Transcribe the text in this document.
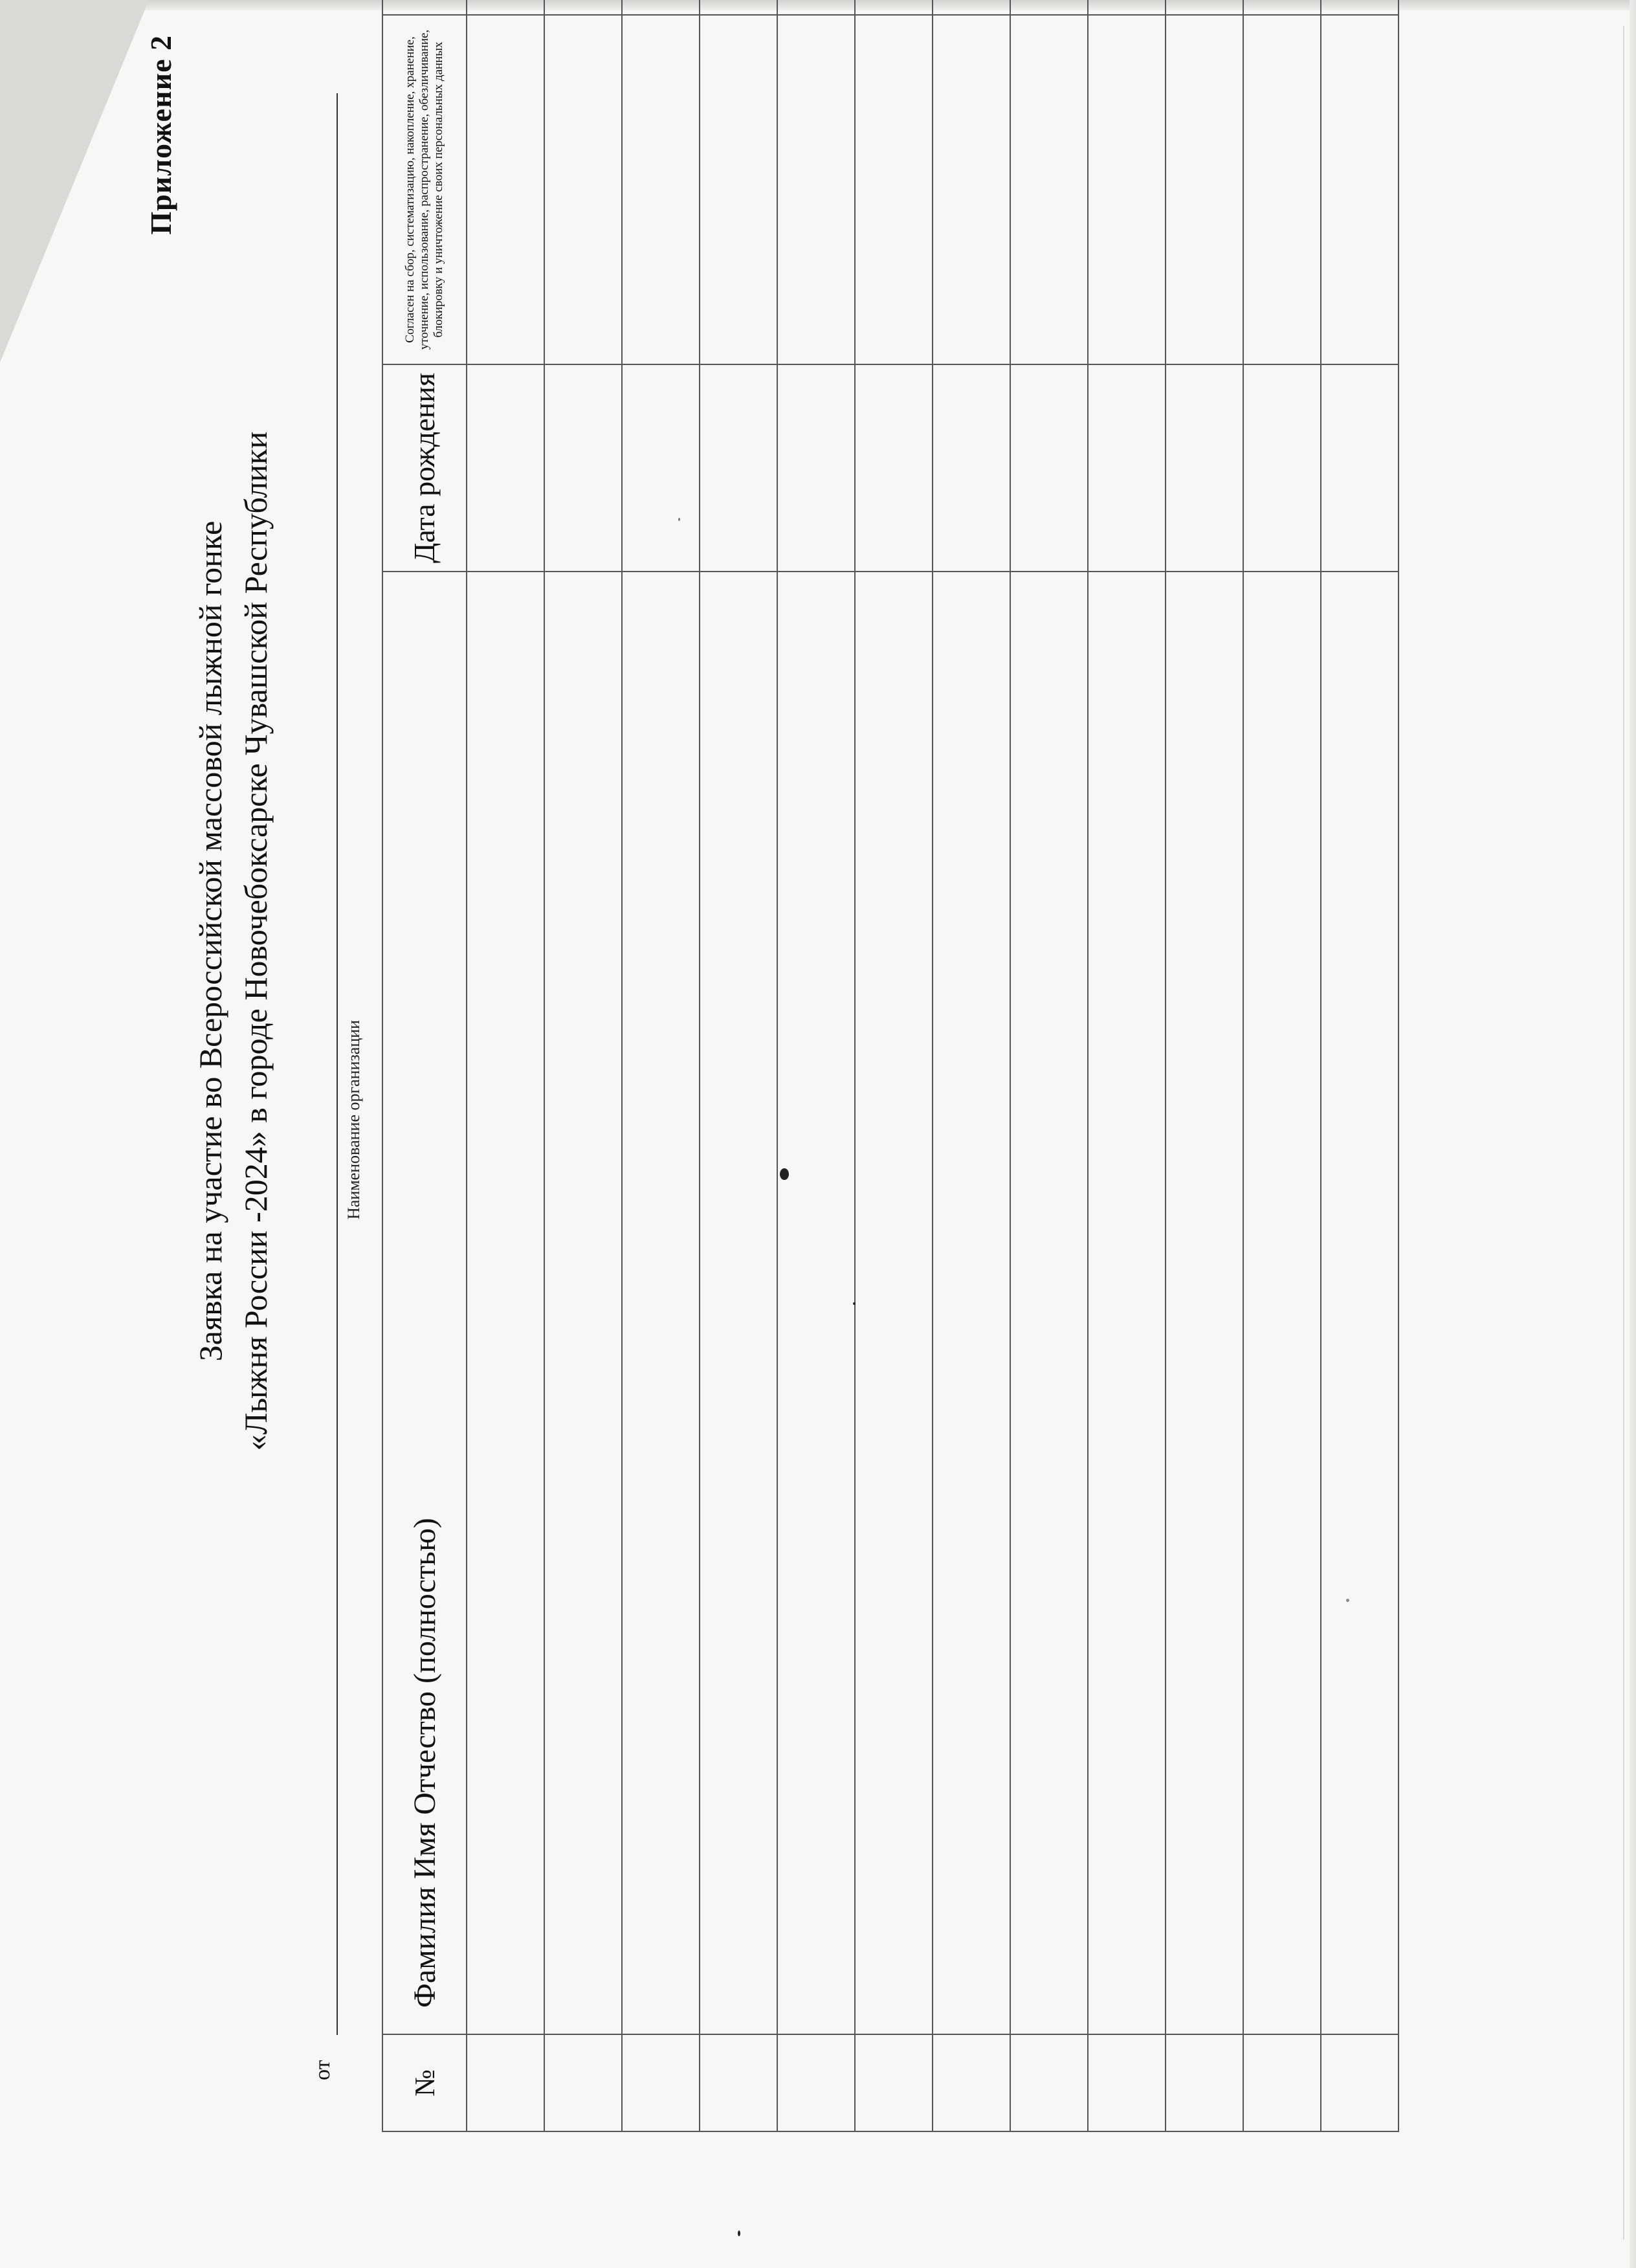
Приложение 2
Заявка на участие во Всероссийской массовой лыжной гонке «Лыжня России -2024» в городе Новочебоксарске Чувашской Республики
от
Наименование организации
№	Фамилия Имя Отчество (полностью)	Дата рождения	Согласен на сбор, систематизацию, накопление, хранение, уточнение, использование, распространение, обезличивание, блокировку и уничтожение своих персональных данных	
